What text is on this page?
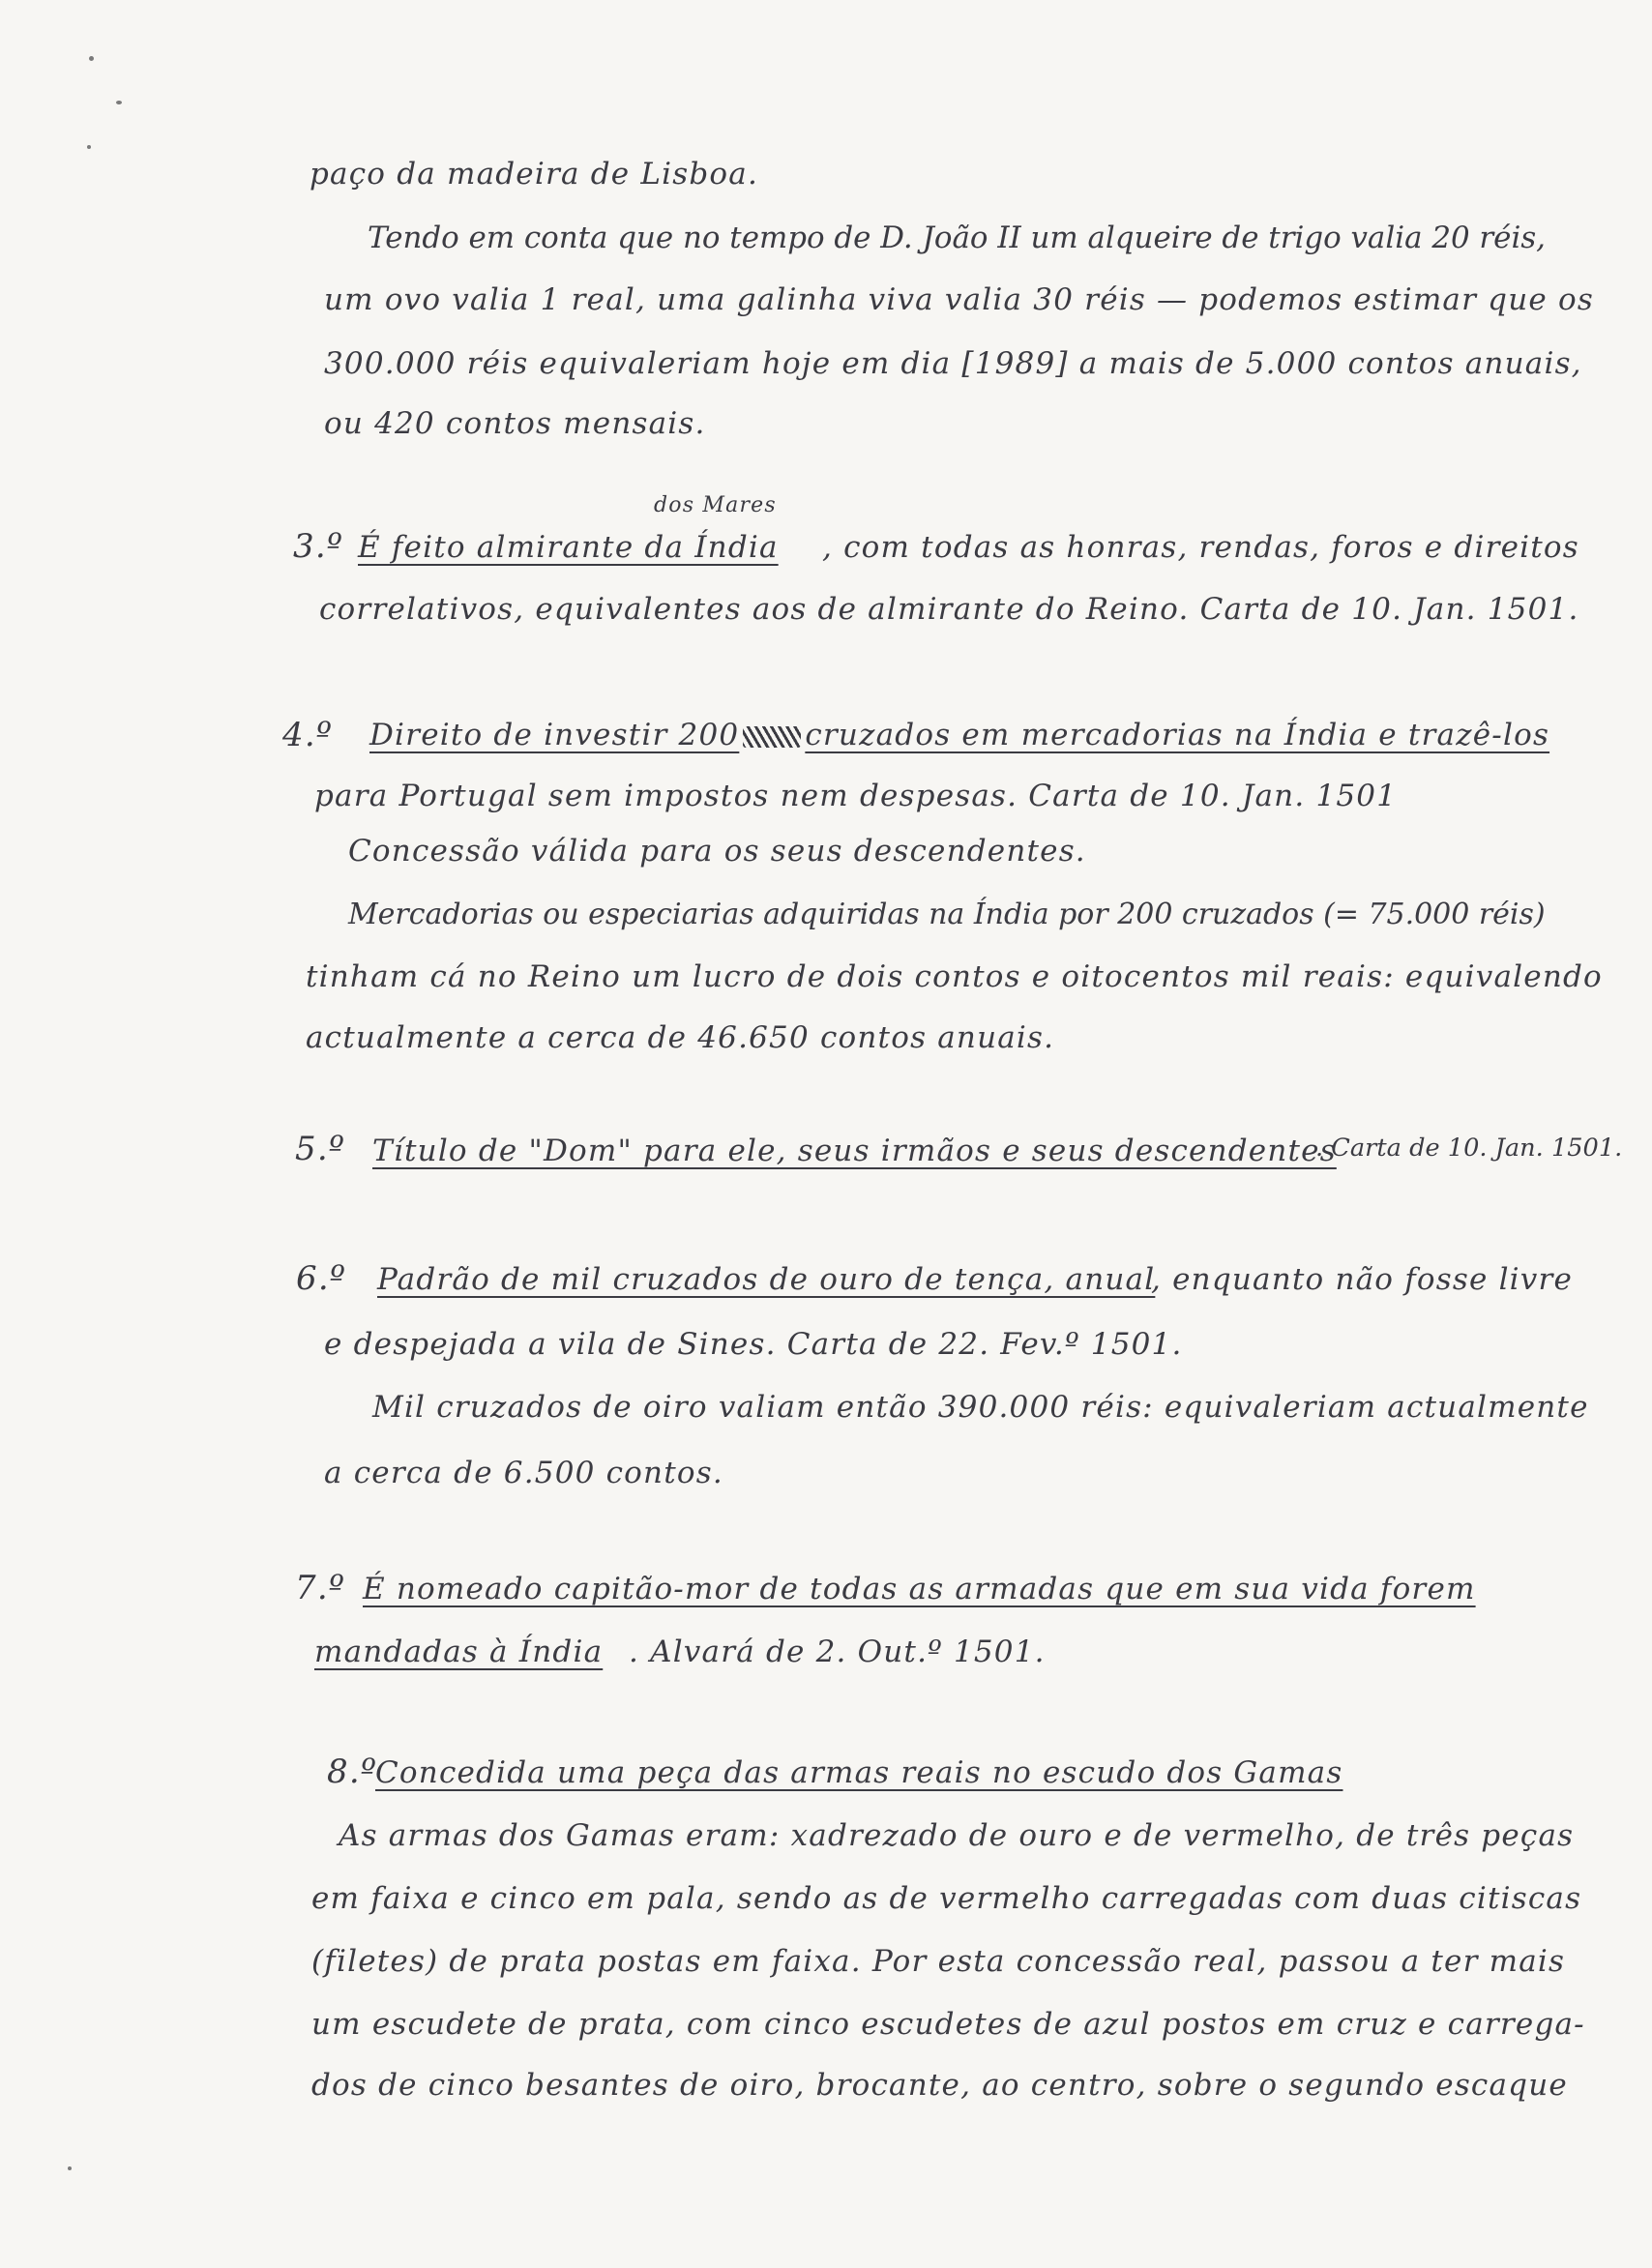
paço da madeira de Lisboa.
Tendo em conta que no tempo de D. João II um alqueire de trigo valia 20 réis,
um ovo valia 1 real, uma galinha viva valia 30 réis — podemos estimar que os
300.000 réis equivaleriam hoje em dia [1989] a mais de 5.000 contos anuais,
ou 420 contos mensais.
dos Mares
3.º É feito almirante da Índia , com todas as honras, rendas, foros e direitos
correlativos, equivalentes aos de almirante do Reino. Carta de 10. Jan. 1501.
4.º Direito de investir 200 cruzados em mercadorias na Índia e trazê-los
para Portugal sem impostos nem despesas. Carta de 10. Jan. 1501
Concessão válida para os seus descendentes.
Mercadorias ou especiarias adquiridas na Índia por 200 cruzados (= 75.000 réis)
tinham cá no Reino um lucro de dois contos e oitocentos mil reais: equivalendo
actualmente a cerca de 46.650 contos anuais.
5.º Título de "Dom" para ele, seus irmãos e seus descendentes
. Carta de 10. Jan. 1501.
6.º Padrão de mil cruzados de ouro de tença, anual
, enquanto não fosse livre
e despejada a vila de Sines. Carta de 22. Fev.º 1501.
Mil cruzados de oiro valiam então 390.000 réis: equivaleriam actualmente
a cerca de 6.500 contos.
7.º É nomeado capitão-mor de todas as armadas que em sua vida forem
mandadas à Índia . Alvará de 2. Out.º 1501.
8.º
Concedida uma peça das armas reais no escudo dos Gamas
As armas dos Gamas eram: xadrezado de ouro e de vermelho, de três peças
em faixa e cinco em pala, sendo as de vermelho carregadas com duas citiscas
(filetes) de prata postas em faixa. Por esta concessão real, passou a ter mais
um escudete de prata, com cinco escudetes de azul postos em cruz e carrega-
dos de cinco besantes de oiro, brocante, ao centro, sobre o segundo escaque
